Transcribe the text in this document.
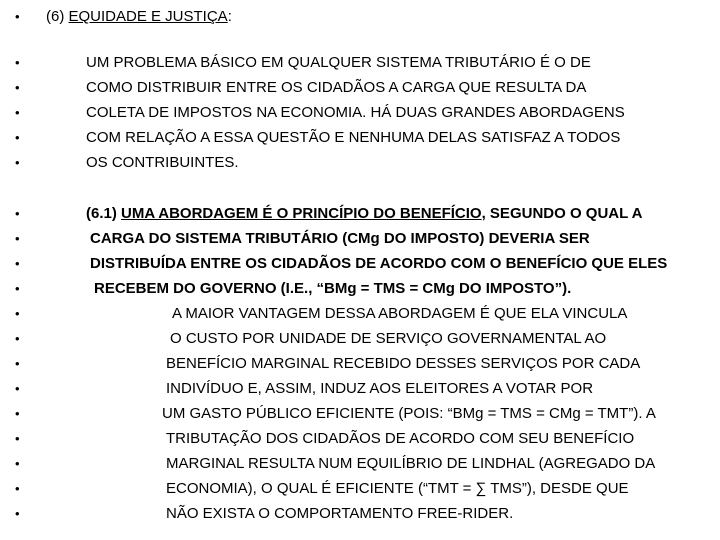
• (6) EQUIDADE E JUSTIÇA:
•	UM PROBLEMA BÁSICO EM QUALQUER SISTEMA TRIBUTÁRIO É O DE
•	COMO DISTRIBUIR ENTRE OS CIDADÃOS A CARGA QUE RESULTA DA
•	COLETA DE IMPOSTOS NA ECONOMIA. HÁ DUAS GRANDES ABORDAGENS
•	COM RELAÇÃO A ESSA QUESTÃO E NENHUMA DELAS SATISFAZ A TODOS
•	OS CONTRIBUINTES.
•	(6.1) UMA ABORDAGEM É O PRINCÍPIO DO BENEFÍCIO, SEGUNDO O QUAL A
•	CARGA DO SISTEMA TRIBUTÁRIO (CMg DO IMPOSTO) DEVERIA SER
•	DISTRIBUÍDA ENTRE OS CIDADÃOS DE ACORDO COM O BENEFÍCIO QUE ELES
•	RECEBEM DO GOVERNO (I.E., “BMg = TMS = CMg DO IMPOSTO”).
•	A MAIOR VANTAGEM DESSA ABORDAGEM É QUE ELA VINCULA
•	O CUSTO POR UNIDADE DE SERVIÇO GOVERNAMENTAL AO
•	BENEFÍCIO MARGINAL RECEBIDO DESSES SERVIÇOS POR CADA
•	INDIVÍDUO E, ASSIM, INDUZ AOS ELEITORES A VOTAR POR
•	UM GASTO PÚBLICO EFICIENTE (POIS: “BMg = TMS = CMg = TMT”). A
•	TRIBUTAÇÃO DOS CIDADÃOS DE ACORDO COM SEU BENEFÍCIO
•	MARGINAL RESULTA NUM EQUILÍBRIO DE LINDHAL (AGREGADO DA
•	ECONOMIA), O QUAL É EFICIENTE (“TMT = ∑ TMS”), DESDE QUE
•	NÃO EXISTA O COMPORTAMENTO FREE-RIDER.
